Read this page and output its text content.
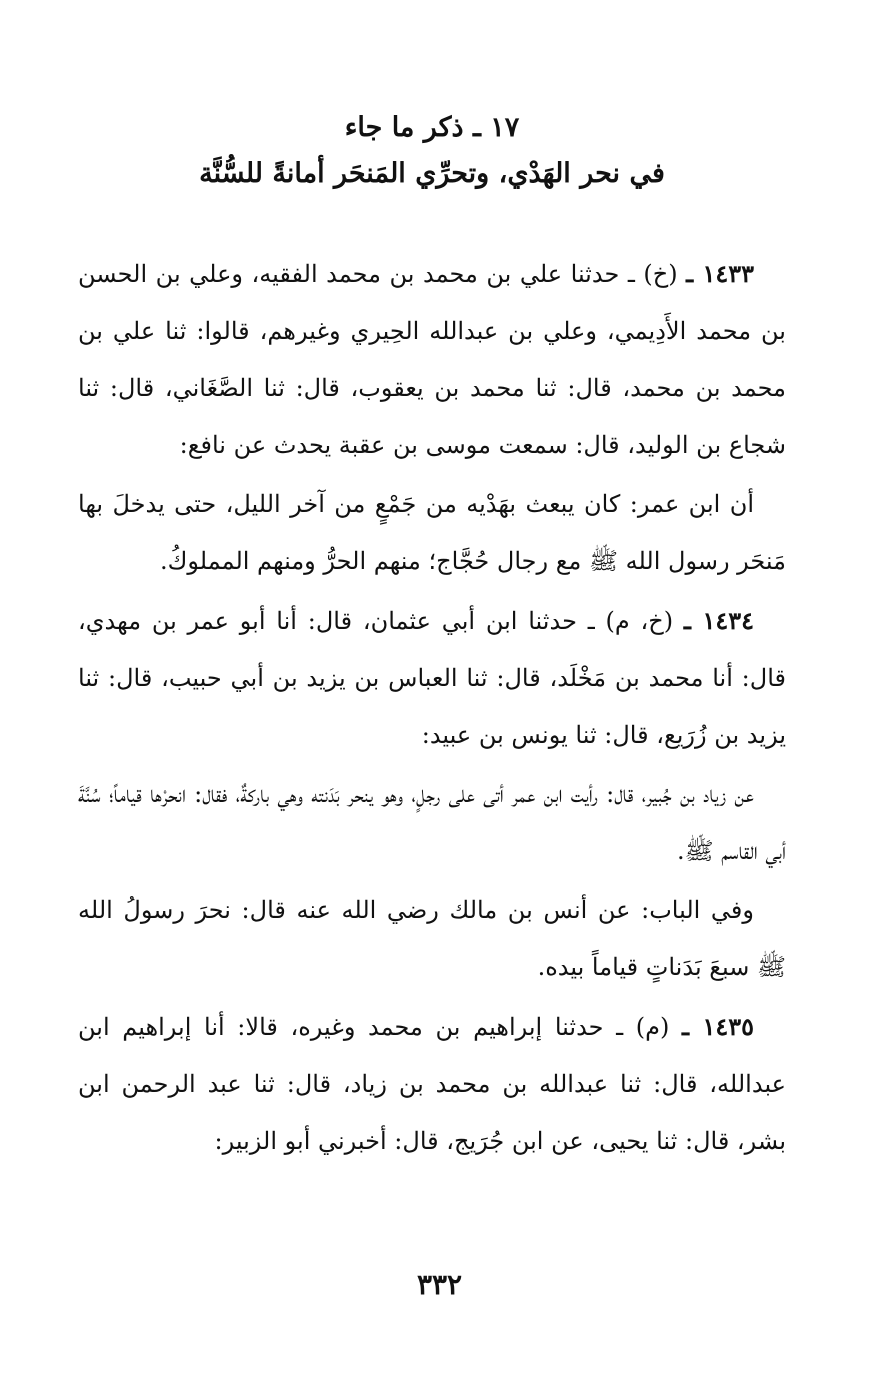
١٧ ـ ذكر ما جاء
في نحر الهَدْي، وتحرِّي المَنحَر أمانةً للسُّنَّة

١٤٣٣ ـ (خ) ـ حدثنا علي بن محمد بن محمد الفقيه، وعلي بن الحسن بن محمد الأَدِيمي، وعلي بن عبدالله الحِيري وغيرهم، قالوا: ثنا علي بن محمد بن محمد، قال: ثنا محمد بن يعقوب، قال: ثنا الصَّغَاني، قال: ثنا شجاع بن الوليد، قال: سمعت موسى بن عقبة يحدث عن نافع:

أن ابن عمر: كان يبعث بهَدْيه من جَمْعٍ من آخر الليل، حتى يدخلَ بها مَنحَر رسول الله ﷺ مع رجال حُجَّاج؛ منهم الحرُّ ومنهم المملوكُ.

١٤٣٤ ـ (خ، م) ـ حدثنا ابن أبي عثمان، قال: أنا أبو عمر بن مهدي، قال: أنا محمد بن مَخْلَد، قال: ثنا العباس بن يزيد بن أبي حبيب، قال: ثنا يزيد بن زُرَيع، قال: ثنا يونس بن عبيد:

عن زياد بن جُبير، قال: رأيت ابن عمر أتى على رجلٍ، وهو ينحر بَدَنته وهي باركةٌ، فقال: انحرْها قياماً؛ سُنَّةَ أبي القاسم ﷺ.

وفي الباب: عن أنس بن مالك رضي الله عنه قال: نحرَ رسولُ الله ﷺ سبعَ بَدَناتٍ قياماً بيده.

١٤٣٥ ـ (م) ـ حدثنا إبراهيم بن محمد وغيره، قالا: أنا إبراهيم ابن عبدالله، قال: ثنا عبدالله بن محمد بن زياد، قال: ثنا عبد الرحمن ابن بشر، قال: ثنا يحيى، عن ابن جُرَيج، قال: أخبرني أبو الزبير:

٣٣٢
